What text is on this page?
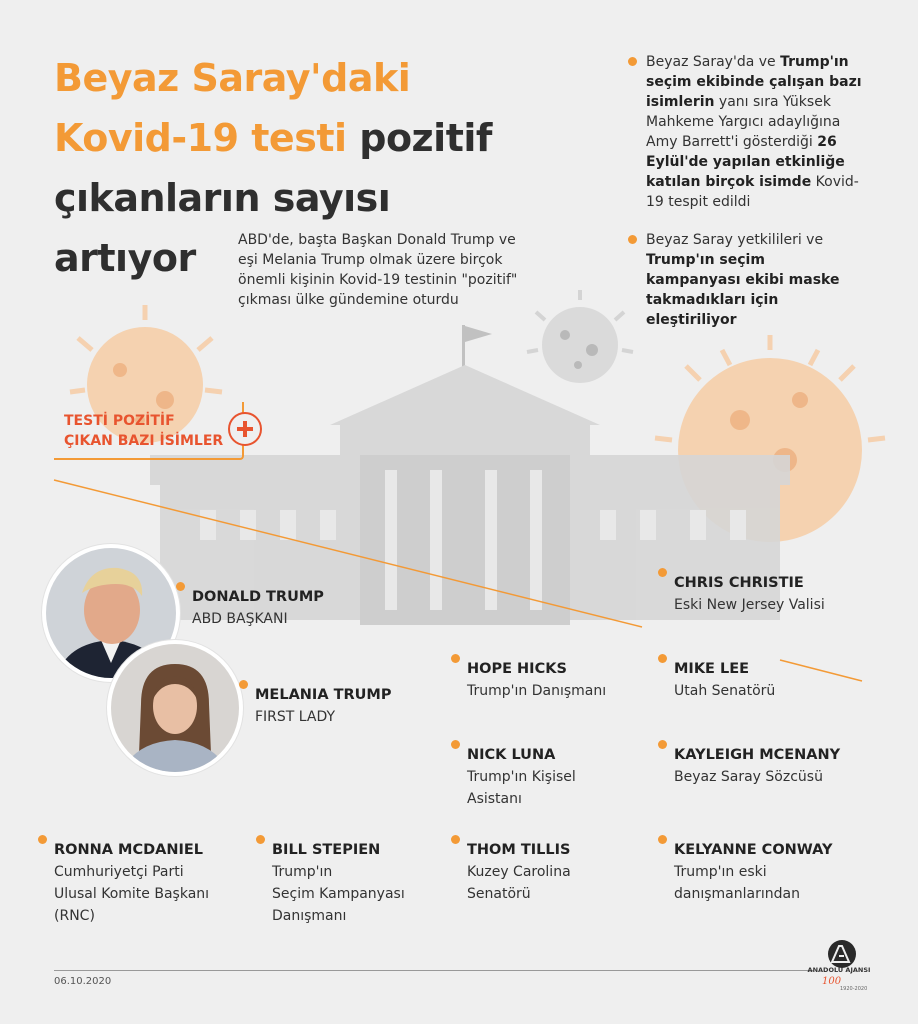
Beyaz Saray'daki
Kovid-19 testi pozitif
çıkanların sayısı
artıyor	ABD'de, başta Başkan Donald Trump ve eşi Melania Trump olmak üzere birçok önemli kişinin Kovid-19 testinin "pozitif" çıkması ülke gündemine oturdu
Beyaz Saray'da ve Trump'ın seçim ekibinde çalışan bazı isimlerin yanı sıra Yüksek Mahkeme Yargıcı adaylığına Amy Barrett'i gösterdiği 26 Eylül'de yapılan etkinliğe katılan birçok isimde Kovid-19 tespit edildi
Beyaz Saray yetkilileri ve Trump'ın seçim kampanyası ekibi maske takmadıkları için eleştiriliyor
TESTİ POZİTİF
ÇIKAN BAZI İSİMLER
DONALD TRUMP
ABD BAŞKANI
MELANIA TRUMP
FIRST LADY
CHRIS CHRISTIE
Eski New Jersey Valisi
HOPE HICKS
Trump'ın Danışmanı
MIKE LEE
Utah Senatörü
NICK LUNA
Trump'ın Kişisel
Asistanı
KAYLEIGH MCENANY
Beyaz Saray Sözcüsü
RONNA MCDANIEL
Cumhuriyetçi Parti
Ulusal Komite Başkanı
(RNC)
BILL STEPIEN
Trump'ın
Seçim Kampanyası
Danışmanı
THOM TILLIS
Kuzey Carolina
Senatörü
KELYANNE CONWAY
Trump'ın eski
danışmanlarından
06.10.2020
ANADOLU AJANSI
100
1920-2020
